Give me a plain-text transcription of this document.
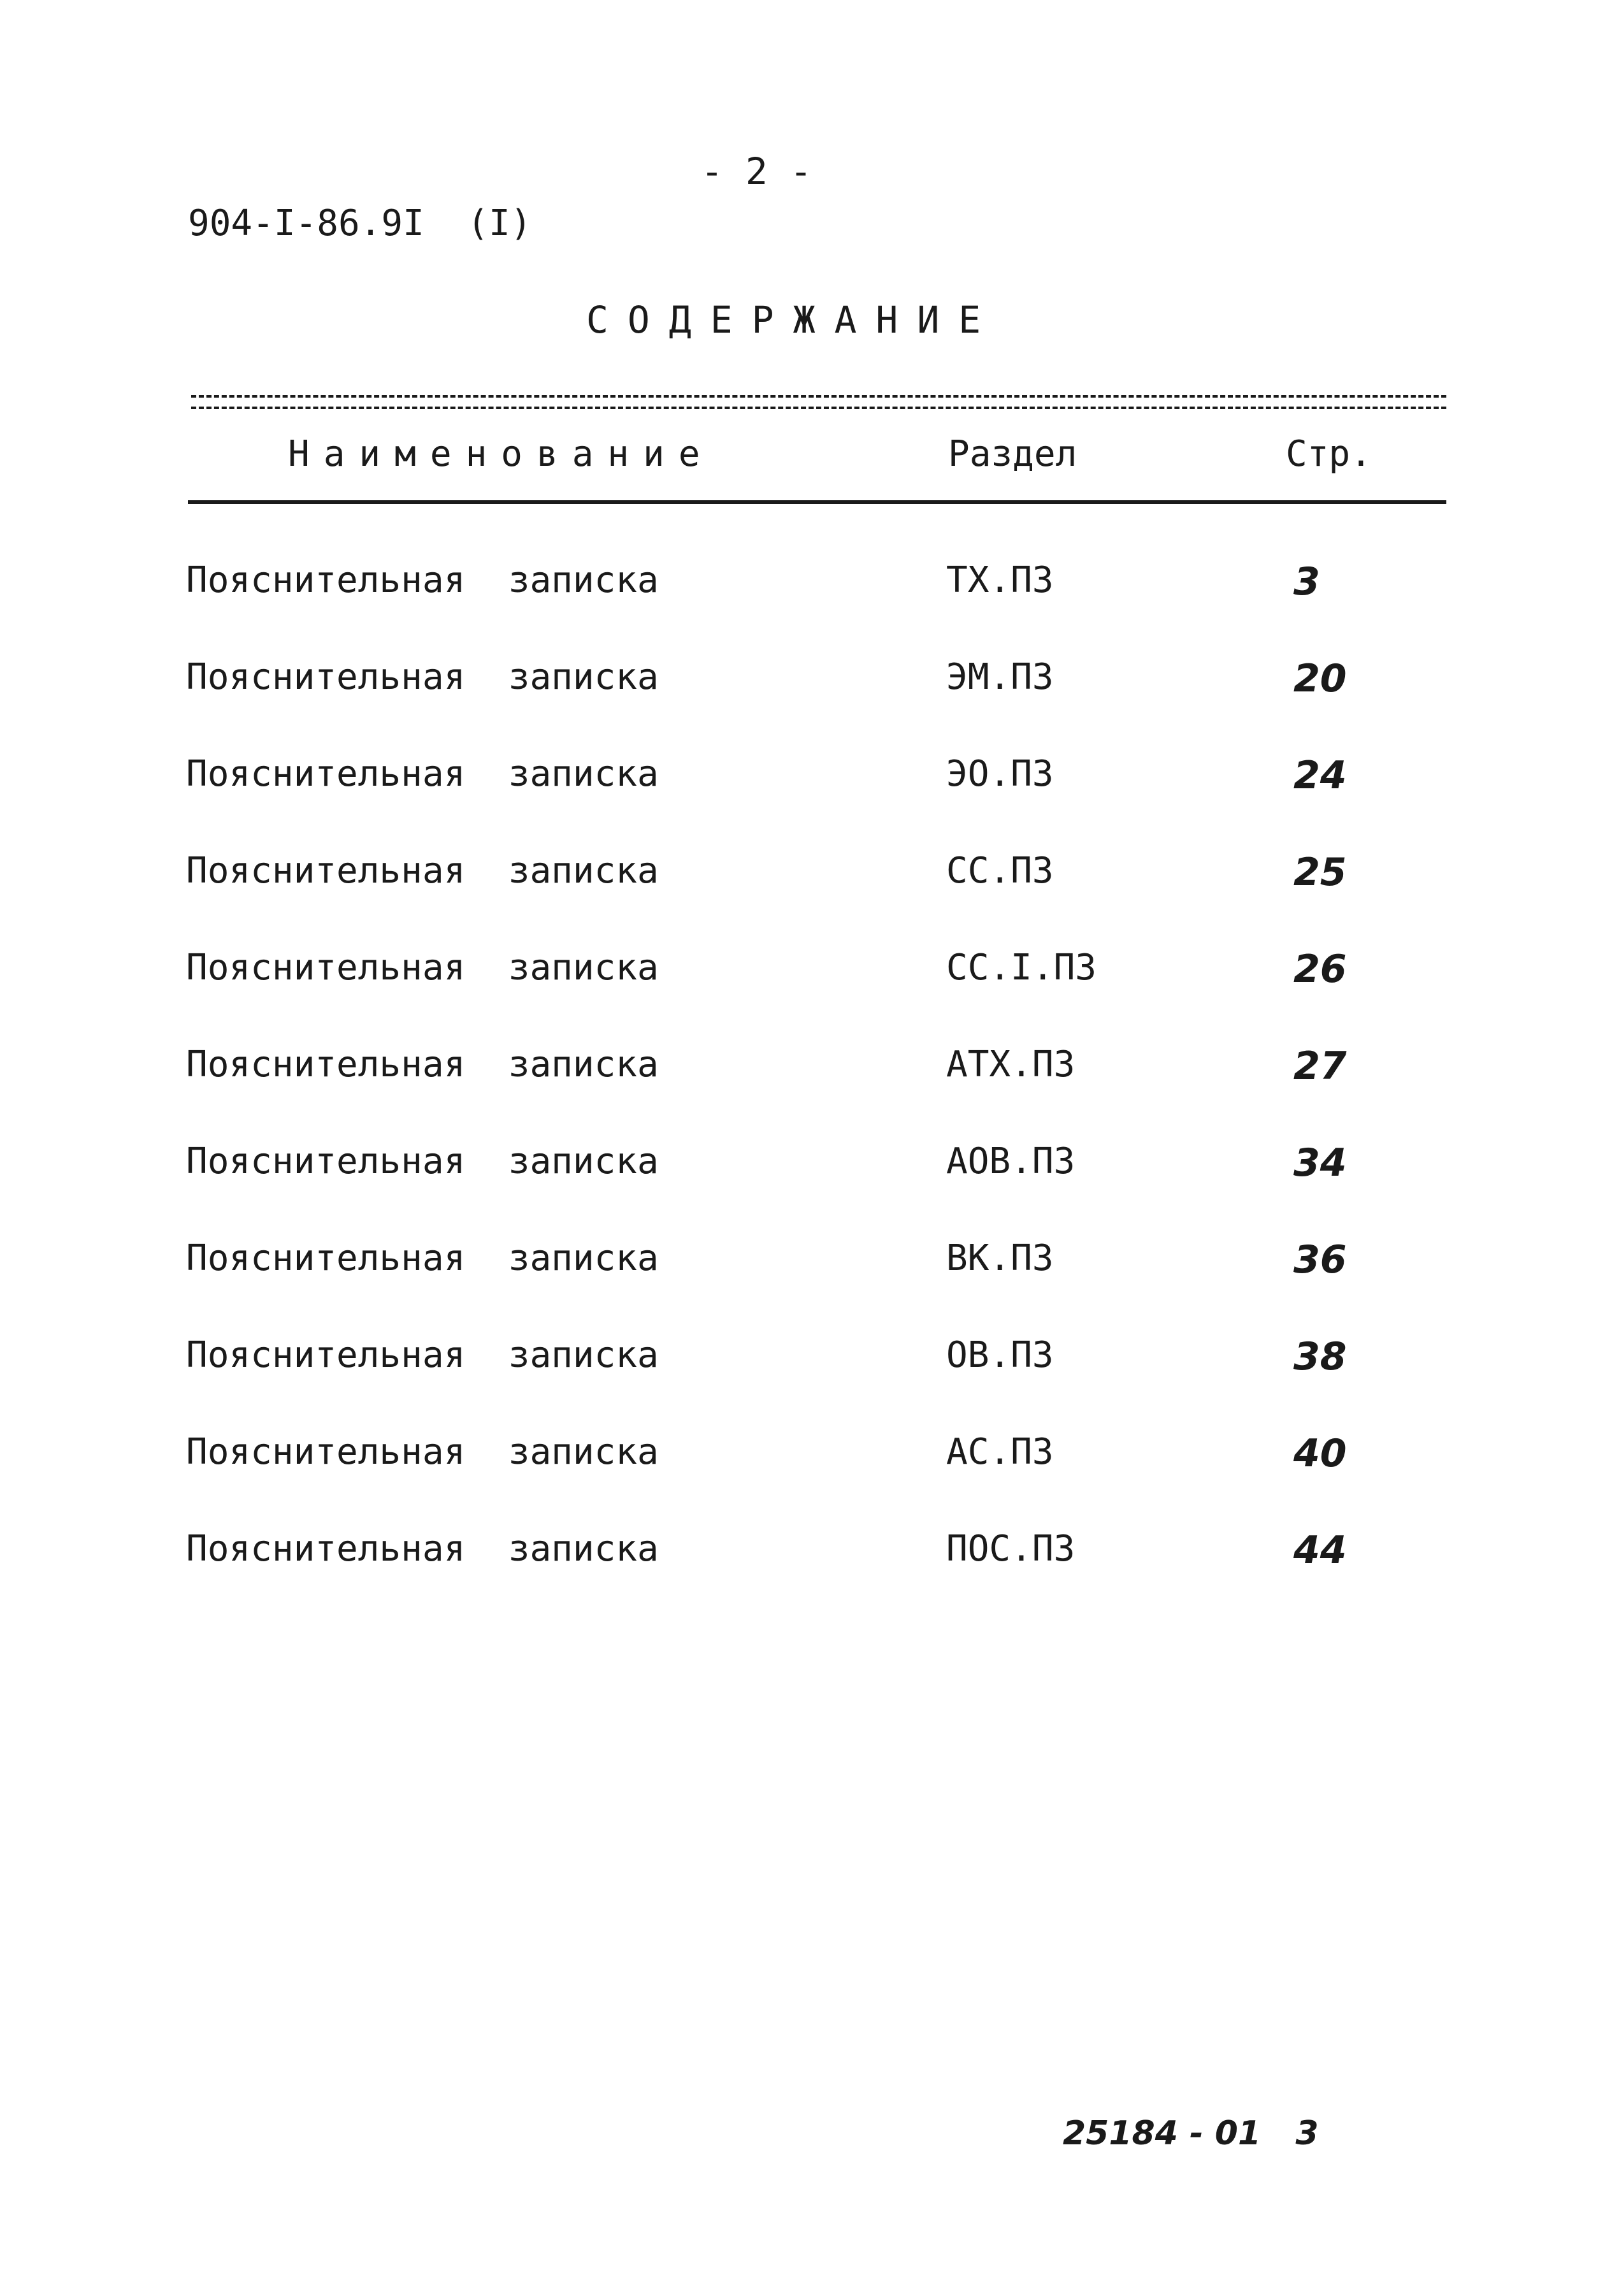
- 2 -
904-I-86.9I  (I)
СОДЕРЖАНИЕ
Наименование	Раздел	Стр.
Пояснительная  записка	ТХ.ПЗ	3
Пояснительная  записка	ЭМ.ПЗ	20
Пояснительная  записка	ЭО.ПЗ	24
Пояснительная  записка	СС.ПЗ	25
Пояснительная  записка	СС.I.ПЗ	26
Пояснительная  записка	АТХ.ПЗ	27
Пояснительная  записка	АОВ.ПЗ	34
Пояснительная  записка	ВК.ПЗ	36
Пояснительная  записка	ОВ.ПЗ	38
Пояснительная  записка	АС.ПЗ	40
Пояснительная  записка	ПОС.ПЗ	44
25184 - 01   3
